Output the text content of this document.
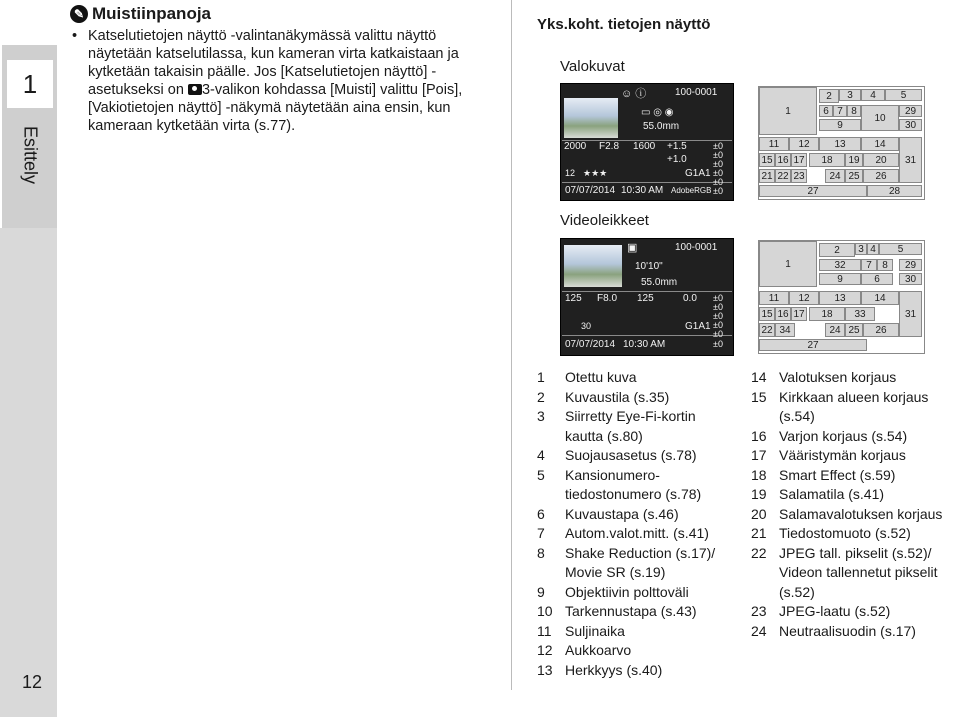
1
Esittely
12
✎ Muistiinpanoja
• Katselutietojen näyttö -valintanäkymässä valittu näyttö näytetään katselutilassa, kun kameran virta katkaistaan ja kytketään takaisin päälle. Jos [Katselutietojen näyttö] -asetukseksi on 3-valikon kohdassa [Muisti] valittu [Pois], [Vakiotietojen näyttö] -näkymä näytetään aina ensin, kun kameraan kytketään virta (s.77).
Yks.koht. tietojen näyttö
Valokuvat
Videoleikkeet
☺ ⓘ	100-0001
▭ ◎ ◉
55.0mm
2000 F2.8 1600 +1.5
+1.0
12 ★★★	G1A1
07/07/2014 10:30 AM AdobeRGB
±0
±0
±0
±0
±0
±0
▣	100-0001
10'10"
55.0mm
125 F8.0 125	0.0
30	G1A1
07/07/2014 10:30 AM
±0
±0
±0
±0
±0
±0
1
2	3	4	5
6 7 8
10
29
9	30
11	12	13	14
15 16 17	18	19	20	31
21 22 23	24 25	26
27	28
1
2	3 4	5
32	7	8	29
9	6	30
11	12	13	14
15 16 17	18	33	31
22 34	24 25	26
27
1	Otettu kuva
2	Kuvaustila (s.35)
3	Siirretty Eye-Fi-kortin kautta (s.80)
4	Suojausasetus (s.78)
5	Kansionumero-tiedostonumero (s.78)
6	Kuvaustapa (s.46)
7	Autom.valot.mitt. (s.41)
8	Shake Reduction (s.17)/ Movie SR (s.19)
9	Objektiivin polttoväli
10 Tarkennustapa (s.43)
11 Suljinaika
12 Aukkoarvo
13 Herkkyys (s.40)
14 Valotuksen korjaus
15 Kirkkaan alueen korjaus (s.54)
16 Varjon korjaus (s.54)
17 Vääristymän korjaus
18 Smart Effect (s.59)
19 Salamatila (s.41)
20 Salamavalotuksen korjaus
21 Tiedostomuoto (s.52)
22 JPEG tall. pikselit (s.52)/ Videon tallennetut pikselit (s.52)
23 JPEG-laatu (s.52)
24 Neutraalisuodin (s.17)
